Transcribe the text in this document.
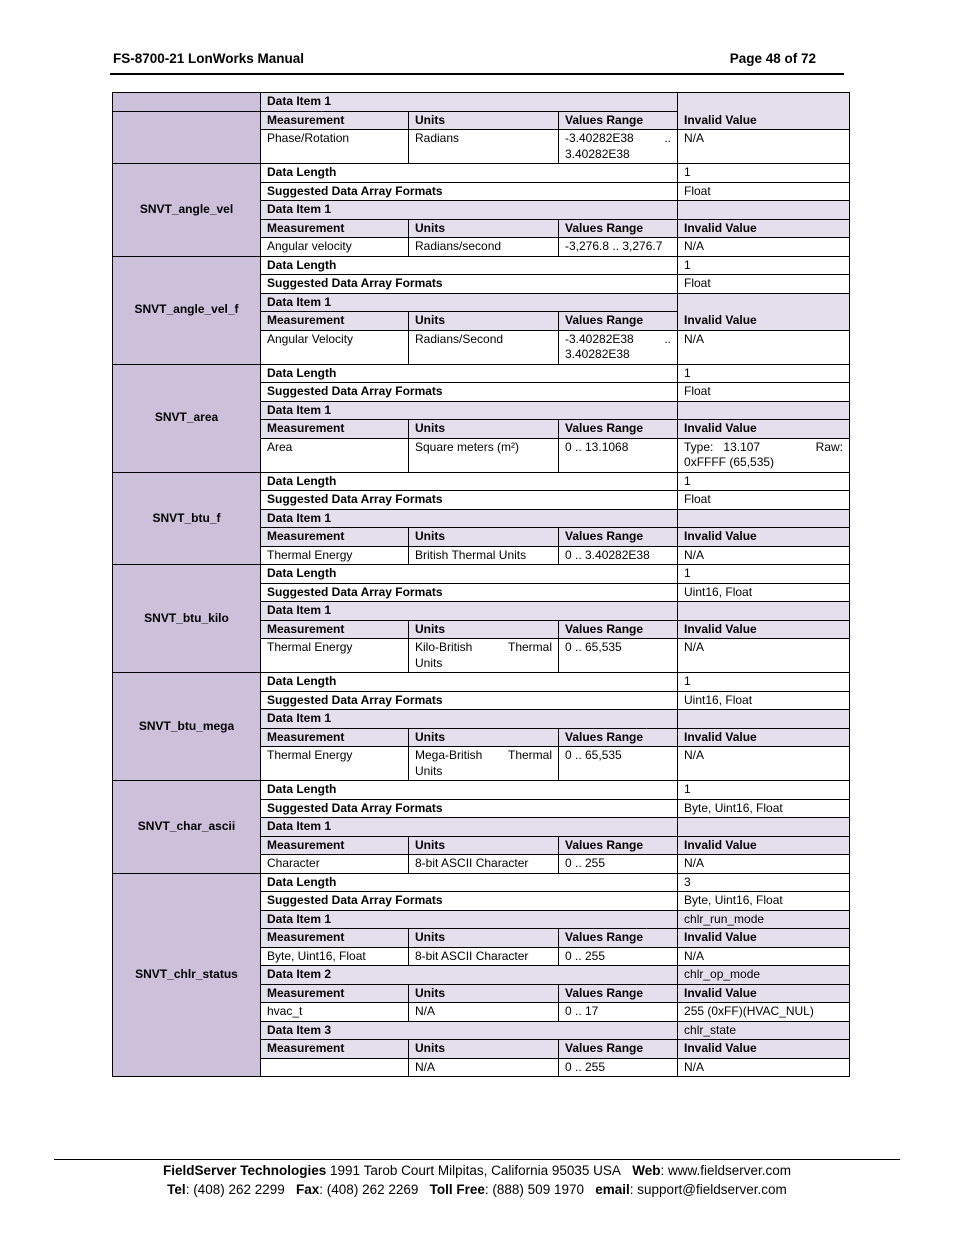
FS-8700-21 LonWorks Manual	Page 48 of 72
	Data Item 1			Invalid Value
	Measurement	Units	Values Range	
	Phase/Rotation	Radians	-3.40282E38 ..
3.40282E38	N/A
SNVT_angle_vel	Data Length			1
	Suggested Data Array Formats			Float
	Data Item 1			
	Measurement	Units	Values Range	Invalid Value
	Angular velocity	Radians/second	-3,276.8 .. 3,276.7	N/A
SNVT_angle_vel_f	Data Length			1
	Suggested Data Array Formats			Float
	Data Item 1			Invalid Value
	Measurement	Units	Values Range	
	Angular Velocity	Radians/Second	-3.40282E38 ..
3.40282E38	N/A
SNVT_area	Data Length			1
	Suggested Data Array Formats			Float
	Data Item 1			
	Measurement	Units	Values Range	Invalid Value
	Area	Square meters (m²)	0 .. 13.1068	Type: 13.107 Raw:
0xFFFF (65,535)

SNVT_btu_f	Data Length			1
	Suggested Data Array Formats			Float
	Data Item 1			
	Measurement	Units	Values Range	Invalid Value
	Thermal Energy	British Thermal Units	0 .. 3.40282E38	N/A
SNVT_btu_kilo	Data Length			1
	Suggested Data Array Formats			Uint16, Float
	Data Item 1			
	Measurement	Units	Values Range	Invalid Value
	Thermal Energy	Kilo-British Thermal
Units	0 .. 65,535	N/A
SNVT_btu_mega	Data Length			1
	Suggested Data Array Formats			Uint16, Float
	Data Item 1			
	Measurement	Units	Values Range	Invalid Value
	Thermal Energy	Mega-British Thermal
Units	0 .. 65,535	N/A
SNVT_char_ascii	Data Length			1
	Suggested Data Array Formats			Byte, Uint16, Float
	Data Item 1			
	Measurement	Units	Values Range	Invalid Value
	Character	8-bit ASCII Character	0 .. 255	N/A
SNVT_chlr_status	Data Length			3
	Suggested Data Array Formats			Byte, Uint16, Float
	Data Item 1			chlr_run_mode
	Measurement	Units	Values Range	Invalid Value
	Byte, Uint16, Float	8-bit ASCII Character	0 .. 255	N/A
	Data Item 2			chlr_op_mode
	Measurement	Units	Values Range	Invalid Value
	hvac_t	N/A	0 .. 17	255 (0xFF)(HVAC_NUL)
	Data Item 3			chlr_state
	Measurement	Units	Values Range	Invalid Value
		N/A	0 .. 255	N/A
FieldServer Technologies 1991 Tarob Court Milpitas, California 95035 USA Web: www.fieldserver.com
Tel: (408) 262 2299 Fax: (408) 262 2269 Toll Free: (888) 509 1970 email: support@fieldserver.com
